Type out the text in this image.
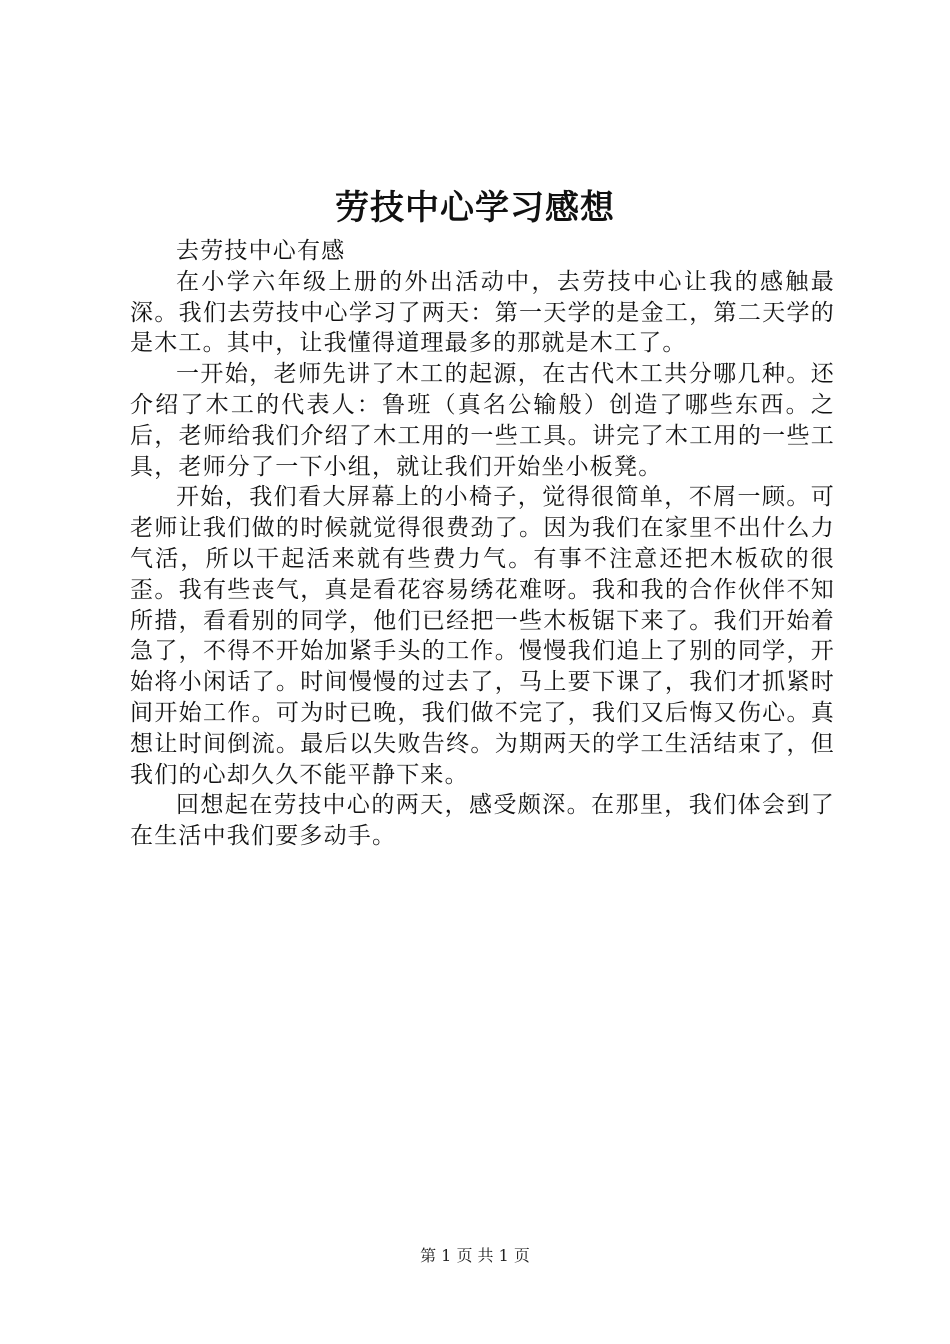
劳技中心学习感想

去劳技中心有感

在小学六年级上册的外出活动中，去劳技中心让我的感触最深。我们去劳技中心学习了两天：第一天学的是金工，第二天学的是木工。其中，让我懂得道理最多的那就是木工了。

一开始，老师先讲了木工的起源，在古代木工共分哪几种。还介绍了木工的代表人：鲁班（真名公输般）创造了哪些东西。之后，老师给我们介绍了木工用的一些工具。讲完了木工用的一些工具，老师分了一下小组，就让我们开始坐小板凳。

开始，我们看大屏幕上的小椅子，觉得很简单，不屑一顾。可老师让我们做的时候就觉得很费劲了。因为我们在家里不出什么力气活，所以干起活来就有些费力气。有事不注意还把木板砍的很歪。我有些丧气，真是看花容易绣花难呀。我和我的合作伙伴不知所措，看看别的同学，他们已经把一些木板锯下来了。我们开始着急了，不得不开始加紧手头的工作。慢慢我们追上了别的同学，开始将小闲话了。时间慢慢的过去了，马上要下课了，我们才抓紧时间开始工作。可为时已晚，我们做不完了，我们又后悔又伤心。真想让时间倒流。最后以失败告终。为期两天的学工生活结束了，但我们的心却久久不能平静下来。

回想起在劳技中心的两天，感受颇深。在那里，我们体会到了在生活中我们要多动手。

第 1 页 共 1 页
